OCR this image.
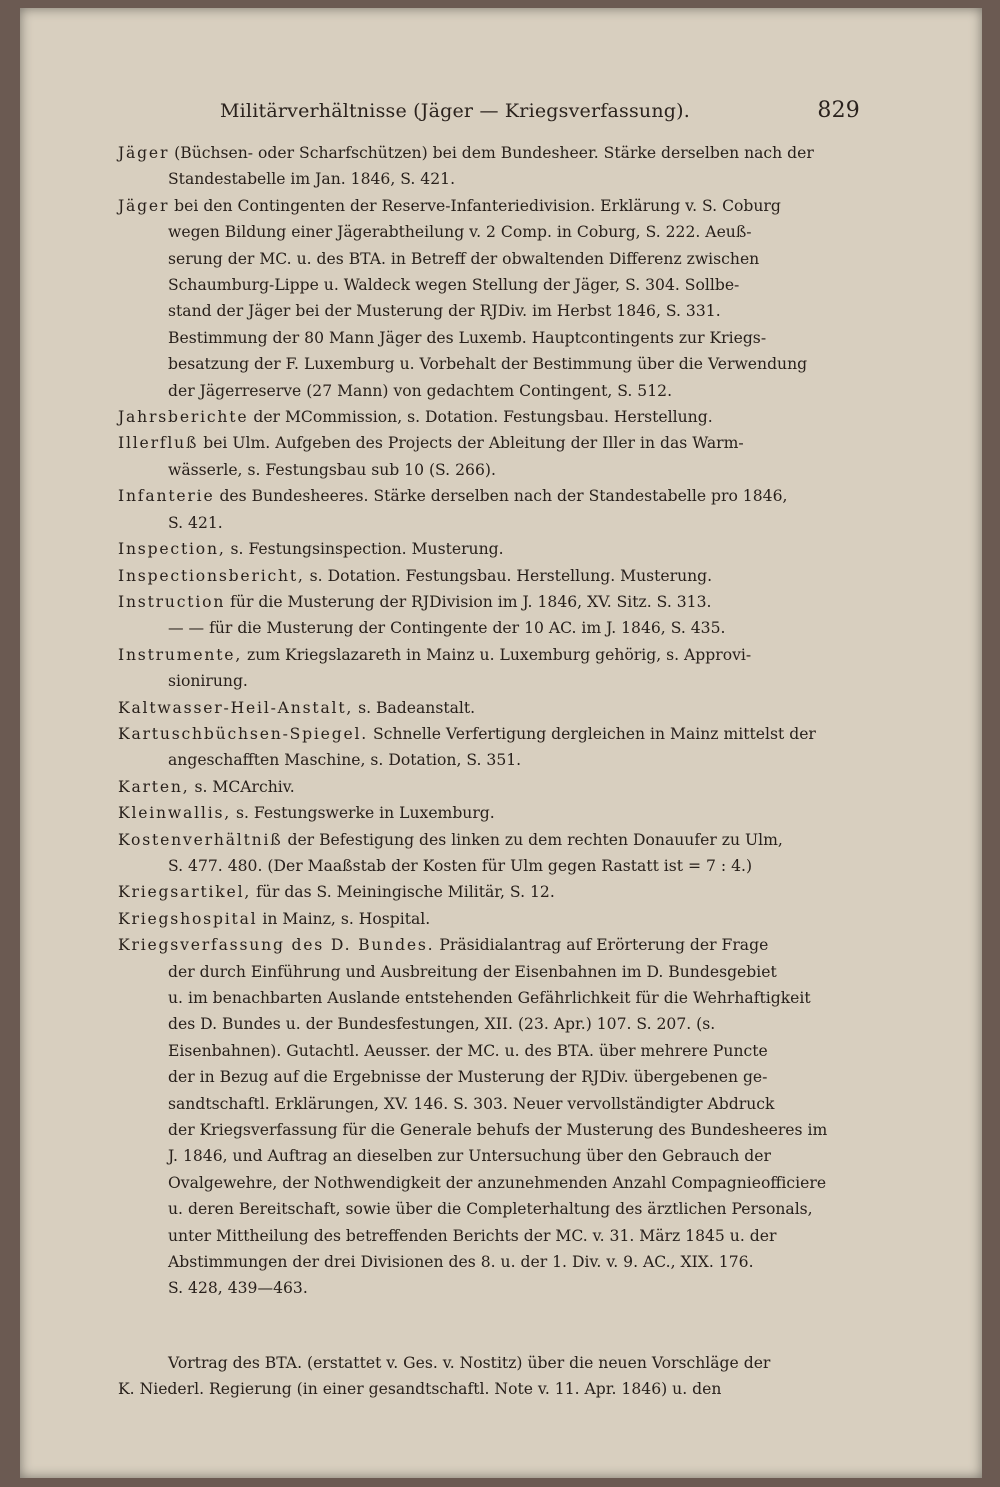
Militärverhältnisse (Jäger — Kriegsverfassung).	829
Jäger (Büchsen- oder Scharfschützen) bei dem Bundesheer. Stärke derselben nach der
Standestabelle im Jan. 1846, S. 421.
Jäger bei den Contingenten der Reserve-Infanteriedivision. Erklärung v. S. Coburg
wegen Bildung einer Jägerabtheilung v. 2 Comp. in Coburg, S. 222. Aeuß-
serung der MC. u. des BTA. in Betreff der obwaltenden Differenz zwischen
Schaumburg-Lippe u. Waldeck wegen Stellung der Jäger, S. 304. Sollbe-
stand der Jäger bei der Musterung der RJDiv. im Herbst 1846, S. 331.
Bestimmung der 80 Mann Jäger des Luxemb. Hauptcontingents zur Kriegs-
besatzung der F. Luxemburg u. Vorbehalt der Bestimmung über die Verwendung
der Jägerreserve (27 Mann) von gedachtem Contingent, S. 512.
Jahrsberichte der MCommission, s. Dotation. Festungsbau. Herstellung.
Illerfluß bei Ulm. Aufgeben des Projects der Ableitung der Iller in das Warm-
wässerle, s. Festungsbau sub 10 (S. 266).
Infanterie des Bundesheeres. Stärke derselben nach der Standestabelle pro 1846,
S. 421.
Inspection, s. Festungsinspection. Musterung.
Inspectionsbericht, s. Dotation. Festungsbau. Herstellung. Musterung.
Instruction für die Musterung der RJDivision im J. 1846, XV. Sitz. S. 313.
— — für die Musterung der Contingente der 10 AC. im J. 1846, S. 435.
Instrumente, zum Kriegslazareth in Mainz u. Luxemburg gehörig, s. Approvi-
sionirung.
Kaltwasser-Heil-Anstalt, s. Badeanstalt.
Kartuschbüchsen-Spiegel. Schnelle Verfertigung dergleichen in Mainz mittelst der
angeschafften Maschine, s. Dotation, S. 351.
Karten, s. MCArchiv.
Kleinwallis, s. Festungswerke in Luxemburg.
Kostenverhältniß der Befestigung des linken zu dem rechten Donauufer zu Ulm,
S. 477. 480. (Der Maaßstab der Kosten für Ulm gegen Rastatt ist = 7 : 4.)
Kriegsartikel, für das S. Meiningische Militär, S. 12.
Kriegshospital in Mainz, s. Hospital.
Kriegsverfassung des D. Bundes. Präsidialantrag auf Erörterung der Frage
der durch Einführung und Ausbreitung der Eisenbahnen im D. Bundesgebiet
u. im benachbarten Auslande entstehenden Gefährlichkeit für die Wehrhaftigkeit
des D. Bundes u. der Bundesfestungen, XII. (23. Apr.) 107. S. 207. (s.
Eisenbahnen). Gutachtl. Aeusser. der MC. u. des BTA. über mehrere Puncte
der in Bezug auf die Ergebnisse der Musterung der RJDiv. übergebenen ge-
sandtschaftl. Erklärungen, XV. 146. S. 303. Neuer vervollständigter Abdruck
der Kriegsverfassung für die Generale behufs der Musterung des Bundesheeres im
J. 1846, und Auftrag an dieselben zur Untersuchung über den Gebrauch der
Ovalgewehre, der Nothwendigkeit der anzunehmenden Anzahl Compagnieofficiere
u. deren Bereitschaft, sowie über die Completerhaltung des ärztlichen Personals,
unter Mittheilung des betreffenden Berichts der MC. v. 31. März 1845 u. der
Abstimmungen der drei Divisionen des 8. u. der 1. Div. v. 9. AC., XIX. 176.
S. 428, 439—463.

Vortrag des BTA. (erstattet v. Ges. v. Nostitz) über die neuen Vorschläge der
K. Niederl. Regierung (in einer gesandtschaftl. Note v. 11. Apr. 1846) u. den
